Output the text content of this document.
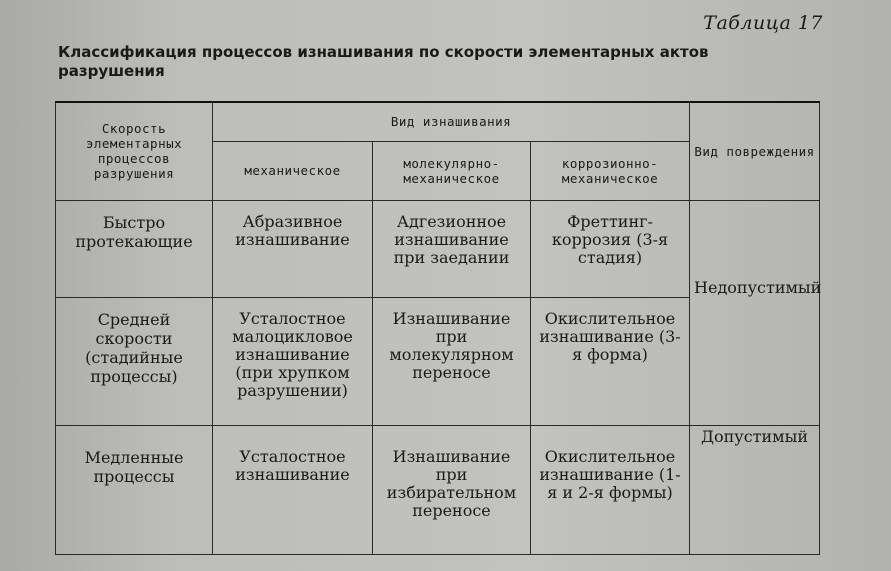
Таблица 17
Классификация процессов изнашивания по скорости элементарных актов разрушения
Скорость элементарных процессов разрушения	Вид изнашивания			Вид повреждения
	механическое	молекулярно-механическое	коррозионно-механическое	
Быстро протекающие	Абразивное изнашивание	Адгезионное изнашивание при заедании	Фреттинг-коррозия (3-я стадия)	Недопустимый
Средней скорости (стадийные процессы)	Усталостное малоцикловое изнашивание (при хрупком разрушении)	Изнашивание при молекулярном переносе	Окислительное изнашивание (3-я форма)	
Медленные процессы	Усталостное изнашивание	Изнашивание при избирательном переносе	Окислительное изнашивание (1-я и 2-я формы)	Допустимый
